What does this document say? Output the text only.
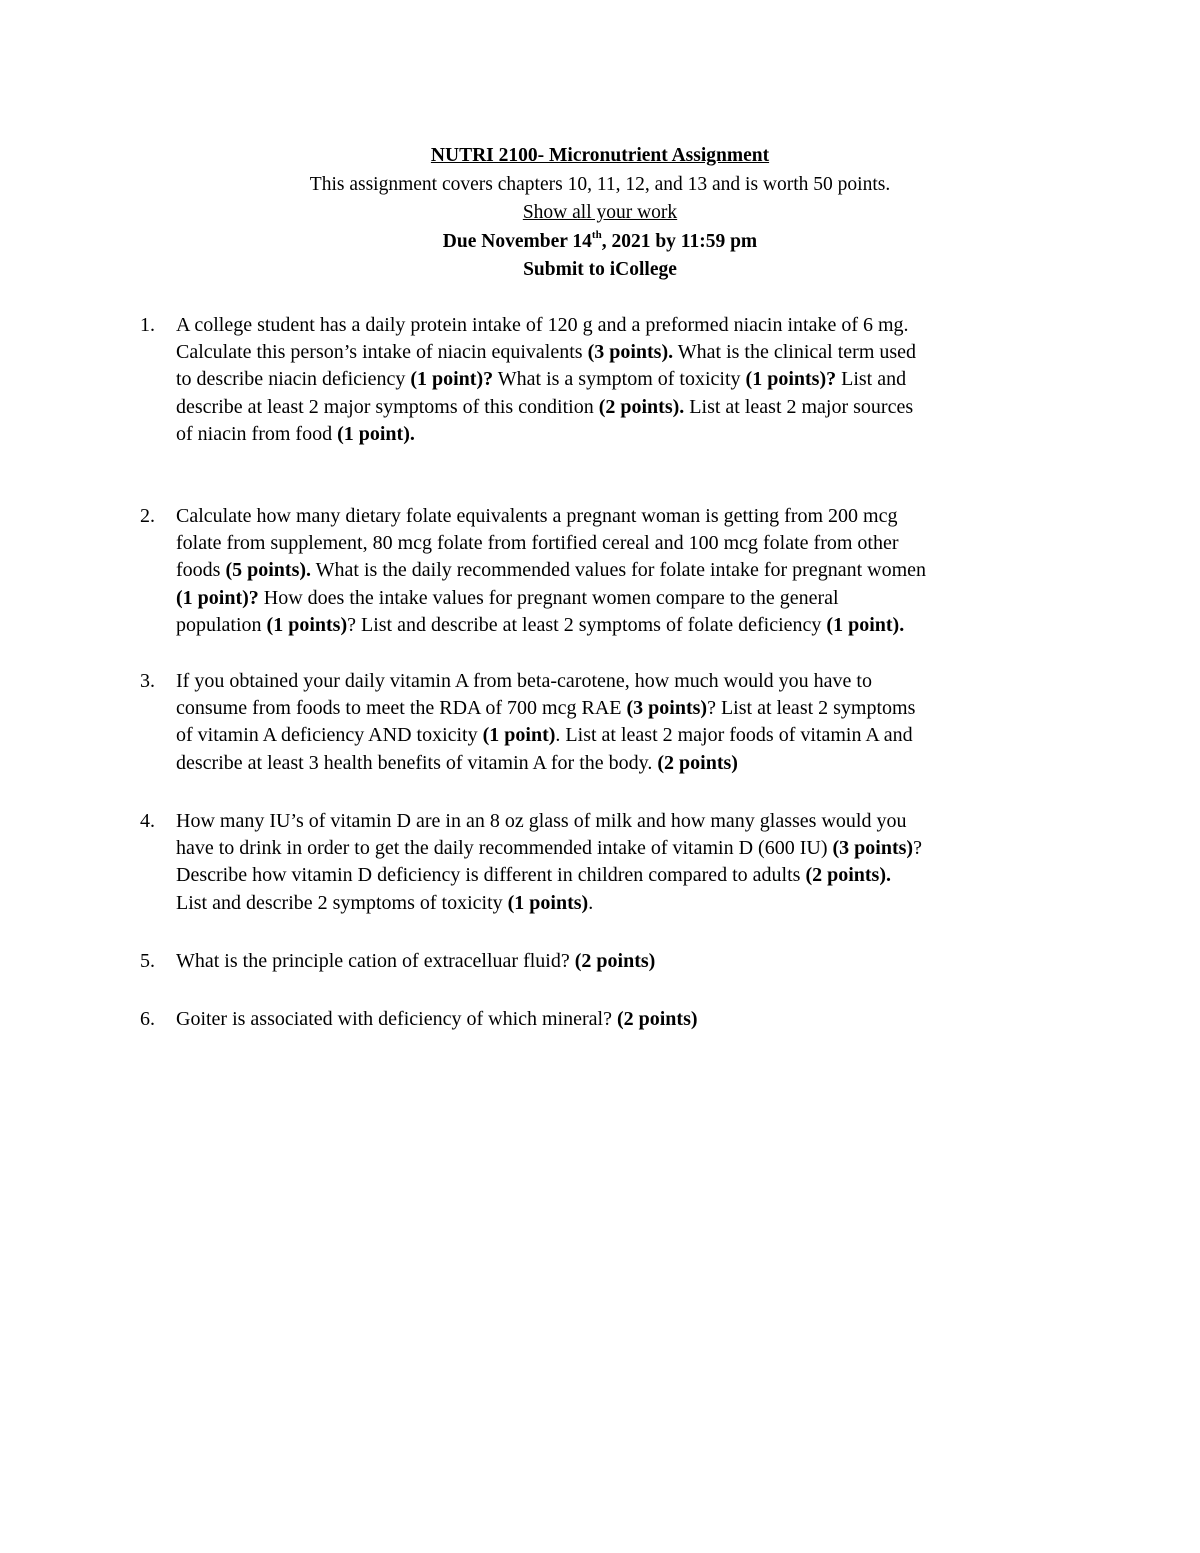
NUTRI 2100- Micronutrient Assignment
This assignment covers chapters 10, 11, 12, and 13 and is worth 50 points.
Show all your work
Due November 14th, 2021 by 11:59 pm
Submit to iCollege
1. A college student has a daily protein intake of 120 g and a preformed niacin intake of 6 mg.
Calculate this person’s intake of niacin equivalents (3 points). What is the clinical term used
to describe niacin deficiency (1 point)? What is a symptom of toxicity (1 points)? List and
describe at least 2 major symptoms of this condition (2 points). List at least 2 major sources
of niacin from food (1 point).
2. Calculate how many dietary folate equivalents a pregnant woman is getting from 200 mcg
folate from supplement, 80 mcg folate from fortified cereal and 100 mcg folate from other
foods (5 points). What is the daily recommended values for folate intake for pregnant women
(1 point)? How does the intake values for pregnant women compare to the general
population (1 points)? List and describe at least 2 symptoms of folate deficiency (1 point).
3. If you obtained your daily vitamin A from beta-carotene, how much would you have to
consume from foods to meet the RDA of 700 mcg RAE (3 points)? List at least 2 symptoms
of vitamin A deficiency AND toxicity (1 point). List at least 2 major foods of vitamin A and
describe at least 3 health benefits of vitamin A for the body. (2 points)
4. How many IU’s of vitamin D are in an 8 oz glass of milk and how many glasses would you
have to drink in order to get the daily recommended intake of vitamin D (600 IU) (3 points)?
Describe how vitamin D deficiency is different in children compared to adults (2 points).
List and describe 2 symptoms of toxicity (1 points).
5. What is the principle cation of extracelluar fluid? (2 points)
6. Goiter is associated with deficiency of which mineral? (2 points)
